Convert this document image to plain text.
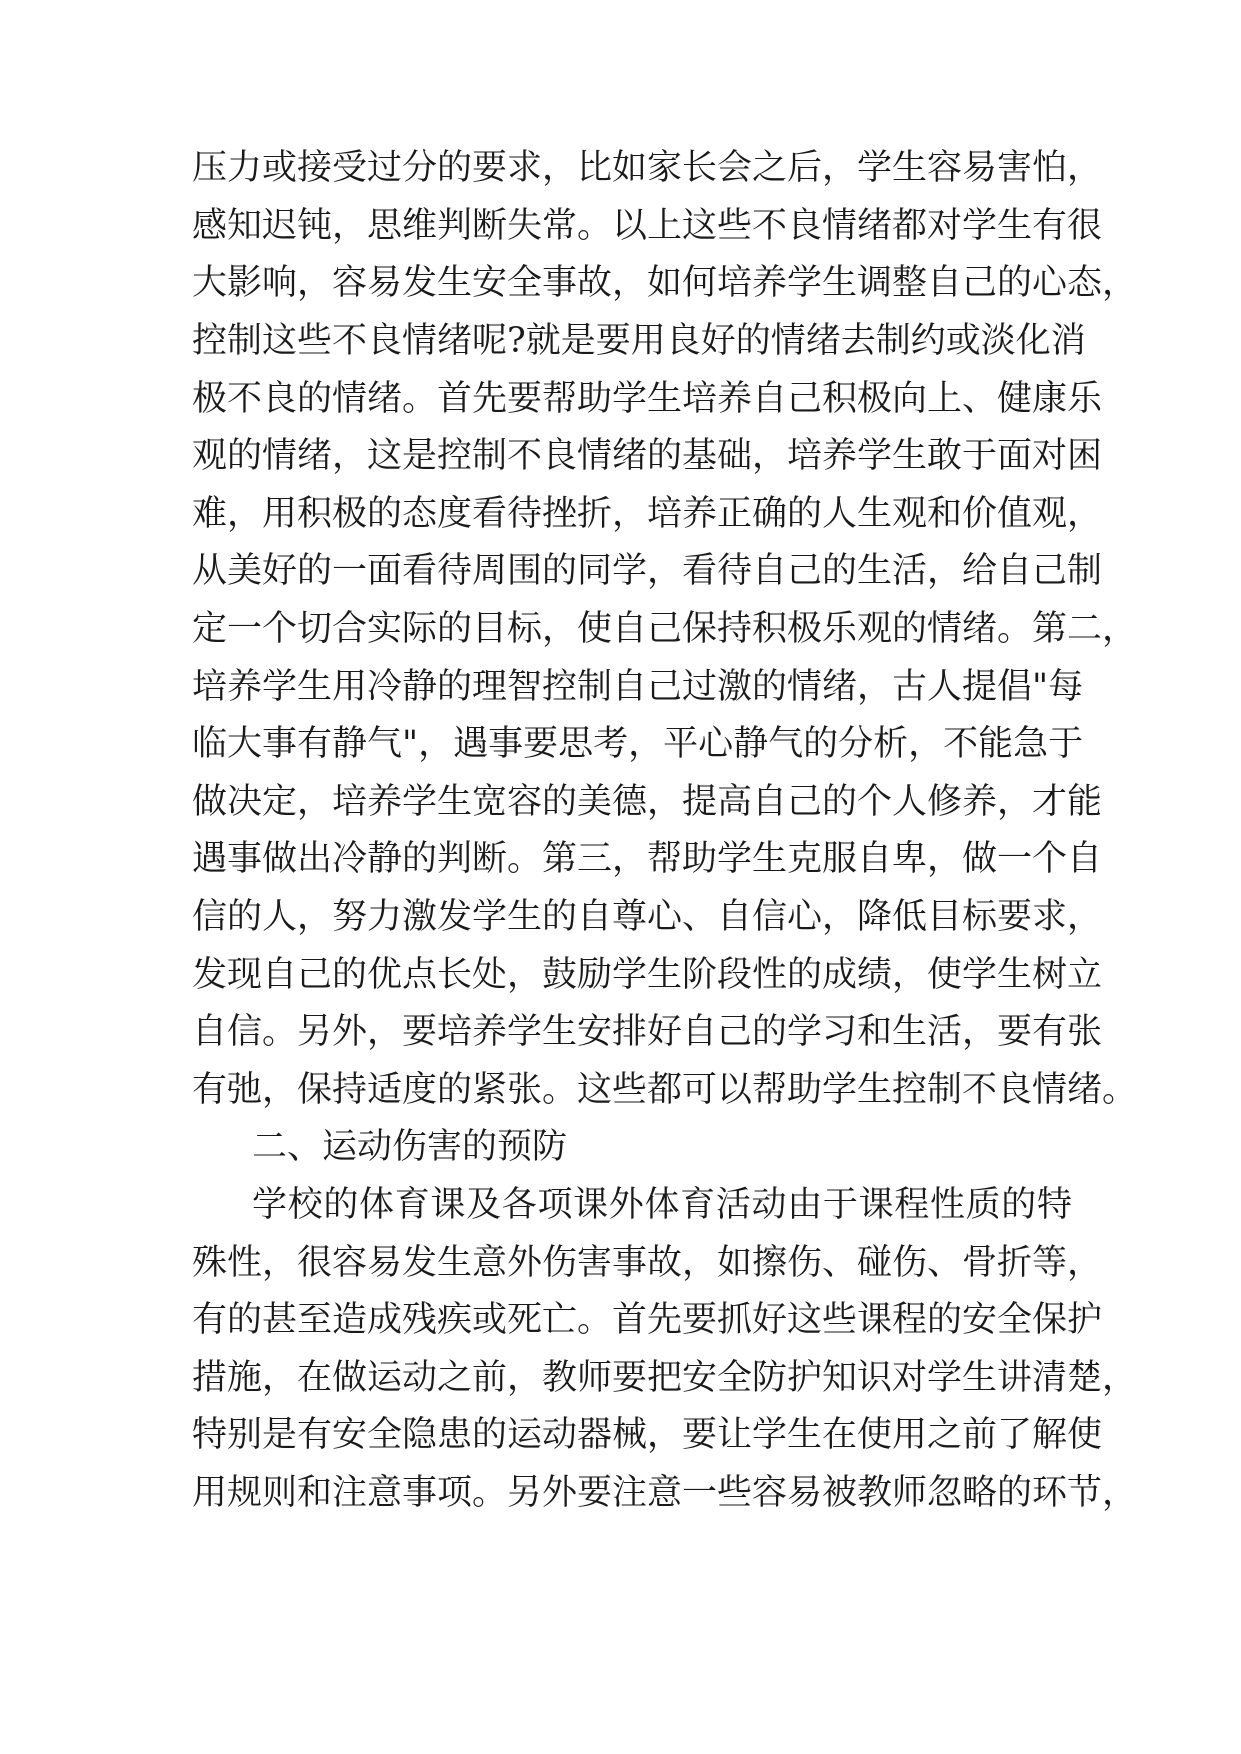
压力或接受过分的要求，比如家长会之后，学生容易害怕，
感知迟钝，思维判断失常。以上这些不良情绪都对学生有很
大影响，容易发生安全事故，如何培养学生调整自己的心态，
控制这些不良情绪呢?就是要用良好的情绪去制约或淡化消
极不良的情绪。首先要帮助学生培养自己积极向上、健康乐
观的情绪，这是控制不良情绪的基础，培养学生敢于面对困
难，用积极的态度看待挫折，培养正确的人生观和价值观，
从美好的一面看待周围的同学，看待自己的生活，给自己制
定一个切合实际的目标，使自己保持积极乐观的情绪。第二，
培养学生用冷静的理智控制自己过激的情绪，古人提倡"每
临大事有静气"，遇事要思考，平心静气的分析，不能急于
做决定，培养学生宽容的美德，提高自己的个人修养，才能
遇事做出冷静的判断。第三，帮助学生克服自卑，做一个自
信的人，努力激发学生的自尊心、自信心，降低目标要求，
发现自己的优点长处，鼓励学生阶段性的成绩，使学生树立
自信。另外，要培养学生安排好自己的学习和生活，要有张
有弛，保持适度的紧张。这些都可以帮助学生控制不良情绪。
二、运动伤害的预防
学校的体育课及各项课外体育活动由于课程性质的特
殊性，很容易发生意外伤害事故，如擦伤、碰伤、骨折等，
有的甚至造成残疾或死亡。首先要抓好这些课程的安全保护
措施，在做运动之前，教师要把安全防护知识对学生讲清楚，
特别是有安全隐患的运动器械，要让学生在使用之前了解使
用规则和注意事项。另外要注意一些容易被教师忽略的环节，
